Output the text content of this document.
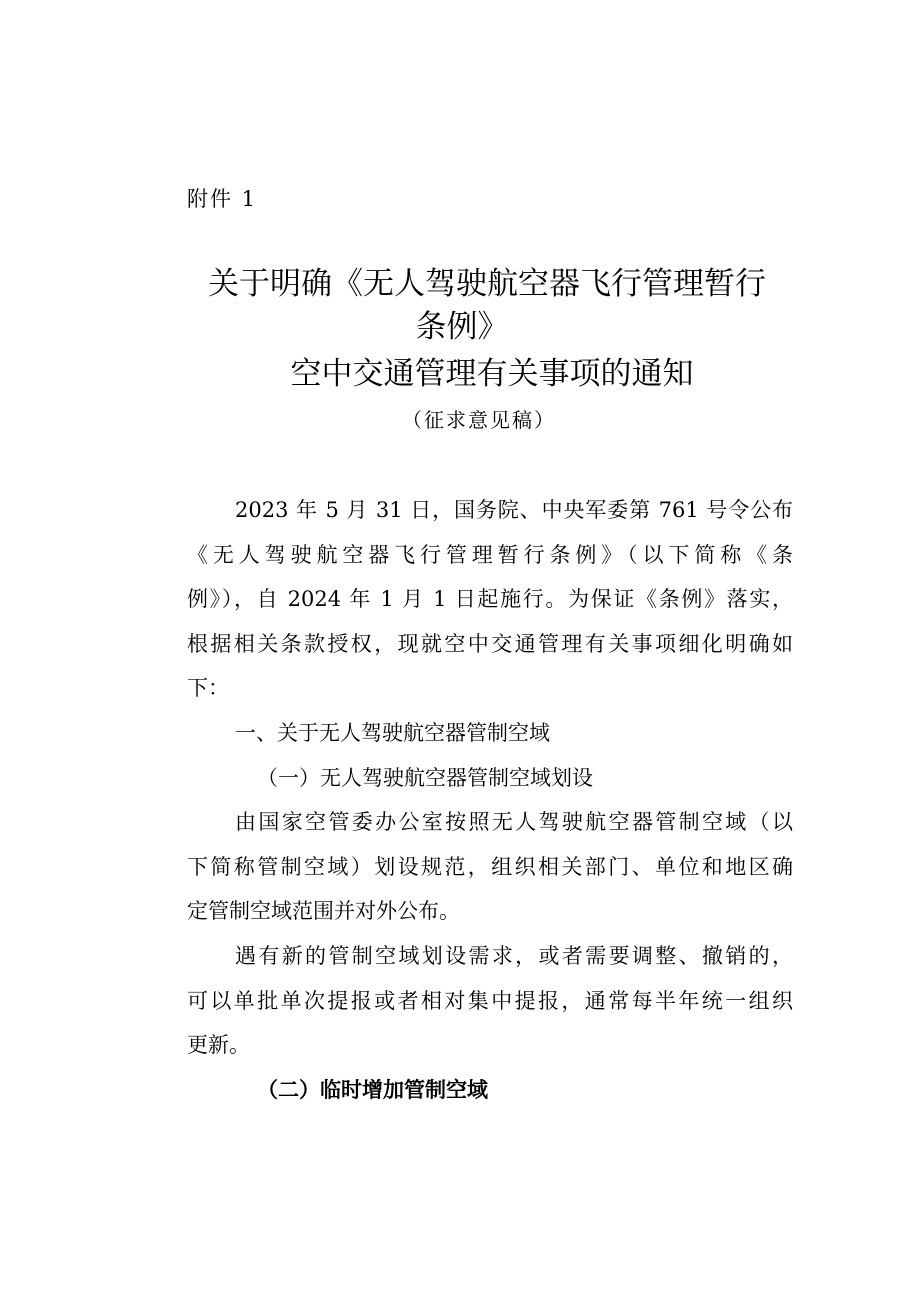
附件 1
关于明确《无人驾驶航空器飞行管理暂行
条例》
空中交通管理有关事项的通知
（征求意见稿）
2023 年 5 月 31 日，国务院、中央军委第 761 号令公布
《无人驾驶航空器飞行管理暂行条例》（以下简称《条
例》），自 2024 年 1 月 1 日起施行。为保证《条例》落实，
根据相关条款授权，现就空中交通管理有关事项细化明确如
下：
一、关于无人驾驶航空器管制空域
（一）无人驾驶航空器管制空域划设
由国家空管委办公室按照无人驾驶航空器管制空域（以
下简称管制空域）划设规范，组织相关部门、单位和地区确
定管制空域范围并对外公布。
遇有新的管制空域划设需求，或者需要调整、撤销的，
可以单批单次提报或者相对集中提报，通常每半年统一组织
更新。
（二）临时增加管制空域
